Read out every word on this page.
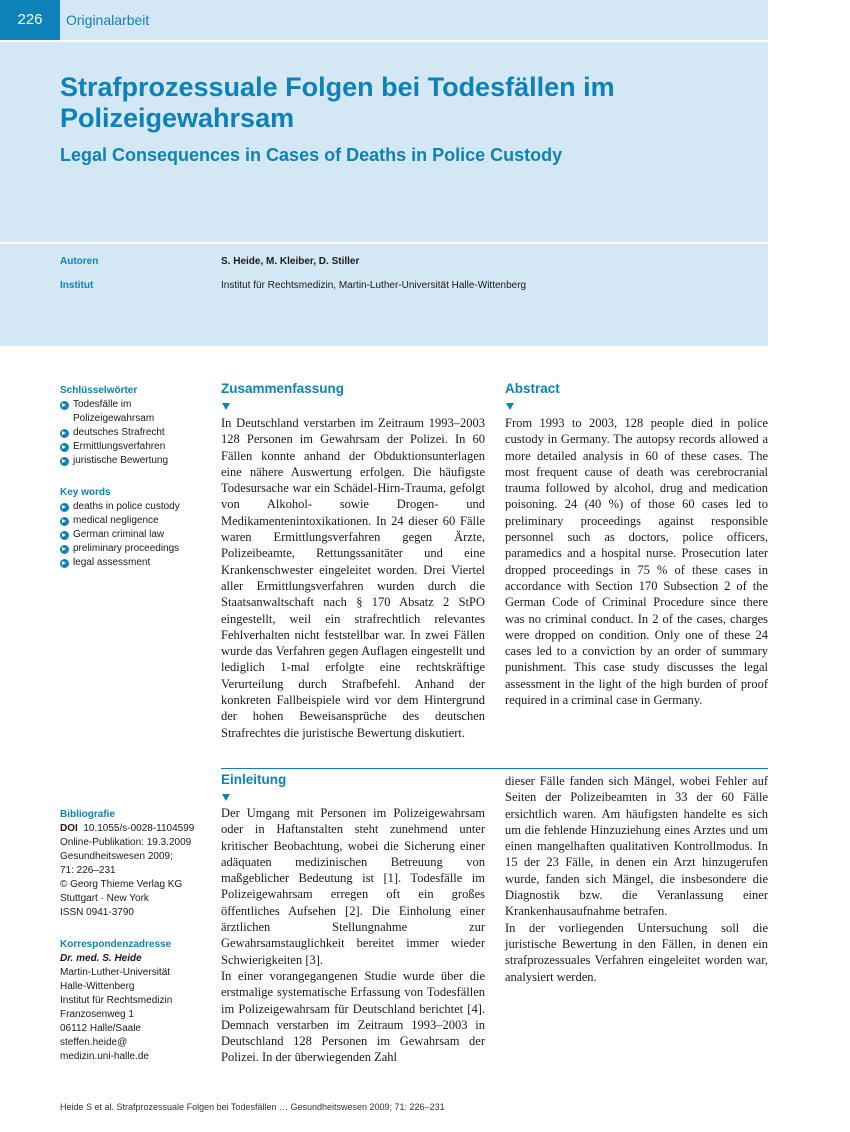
226	Originalarbeit
Strafprozessuale Folgen bei Todesfällen im Polizeigewahrsam
Legal Consequences in Cases of Deaths in Police Custody
Autoren	S. Heide, M. Kleiber, D. Stiller
Institut	Institut für Rechtsmedizin, Martin-Luther-Universität Halle-Wittenberg
Schlüsselwörter
Todesfälle im Polizeigewahrsam
deutsches Strafrecht
Ermittlungsverfahren
juristische Bewertung
Key words
deaths in police custody
medical negligence
German criminal law
preliminary proceedings
legal assessment
Bibliografie
DOI 10.1055/s-0028-1104599
Online-Publikation: 19.3.2009
Gesundheitswesen 2009;
71: 226–231
© Georg Thieme Verlag KG
Stuttgart · New York
ISSN 0941-3790
Korrespondenzadresse
Dr. med. S. Heide
Martin-Luther-Universität
Halle-Wittenberg
Institut für Rechtsmedizin
Franzosenweg 1
06112 Halle/Saale
steffen.heide@
medizin.uni-halle.de
Zusammenfassung

In Deutschland verstarben im Zeitraum 1993–2003 128 Personen im Gewahrsam der Polizei. In 60 Fällen konnte anhand der Obduktionsunterlagen eine nähere Auswertung erfolgen. Die häufigste Todesursache war ein Schädel-Hirn-Trauma, gefolgt von Alkohol- sowie Drogen- und Medikamentenintoxikationen. In 24 dieser 60 Fälle waren Ermittlungsverfahren gegen Ärzte, Polizeibeamte, Rettungssanitäter und eine Krankenschwester eingeleitet worden. Drei Viertel aller Ermittlungsverfahren wurden durch die Staatsanwaltschaft nach § 170 Absatz 2 StPO eingestellt, weil ein strafrechtlich relevantes Fehlverhalten nicht feststellbar war. In zwei Fällen wurde das Verfahren gegen Auflagen eingestellt und lediglich 1-mal erfolgte eine rechtskräftige Verurteilung durch Strafbefehl. Anhand der konkreten Fallbeispiele wird vor dem Hintergrund der hohen Beweisansprüche des deutschen Strafrechtes die juristische Bewertung diskutiert.

Abstract

From 1993 to 2003, 128 people died in police custody in Germany. The autopsy records allowed a more detailed analysis in 60 of these cases. The most frequent cause of death was cerebrocranial trauma followed by alcohol, drug and medication poisoning. 24 (40 %) of those 60 cases led to preliminary proceedings against responsible personnel such as doctors, police officers, paramedics and a hospital nurse. Prosecution later dropped proceedings in 75 % of these cases in accordance with Section 170 Subsection 2 of the German Code of Criminal Procedure since there was no criminal conduct. In 2 of the cases, charges were dropped on condition. Only one of these 24 cases led to a conviction by an order of summary punishment. This case study discusses the legal assessment in the light of the high burden of proof required in a criminal case in Germany.

Einleitung

Der Umgang mit Personen im Polizeigewahrsam oder in Haftanstalten steht zunehmend unter kritischer Beobachtung, wobei die Sicherung einer adäquaten medizinischen Betreuung von maßgeblicher Bedeutung ist [1]. Todesfälle im Polizeigewahrsam erregen oft ein großes öffentliches Aufsehen [2]. Die Einholung einer ärztlichen Stellungnahme zur Gewahrsamstauglichkeit bereitet immer wieder Schwierigkeiten [3].

In einer vorangegangenen Studie wurde über die erstmalige systematische Erfassung von Todesfällen im Polizeigewahrsam für Deutschland berichtet [4]. Demnach verstarben im Zeitraum 1993–2003 in Deutschland 128 Personen im Gewahrsam der Polizei. In der überwiegenden Zahl

dieser Fälle fanden sich Mängel, wobei Fehler auf Seiten der Polizeibeamten in 33 der 60 Fälle ersichtlich waren. Am häufigsten handelte es sich um die fehlende Hinzuziehung eines Arztes und um einen mangelhaften qualitativen Kontrollmodus. In 15 der 23 Fälle, in denen ein Arzt hinzugerufen wurde, fanden sich Mängel, die insbesondere die Diagnostik bzw. die Veranlassung einer Krankenhausaufnahme betrafen.

In der vorliegenden Untersuchung soll die juristische Bewertung in den Fällen, in denen ein strafprozessuales Verfahren eingeleitet worden war, analysiert werden.

Heide S et al. Strafprozessuale Folgen bei Todesfällen … Gesundheitswesen 2009; 71: 226–231
